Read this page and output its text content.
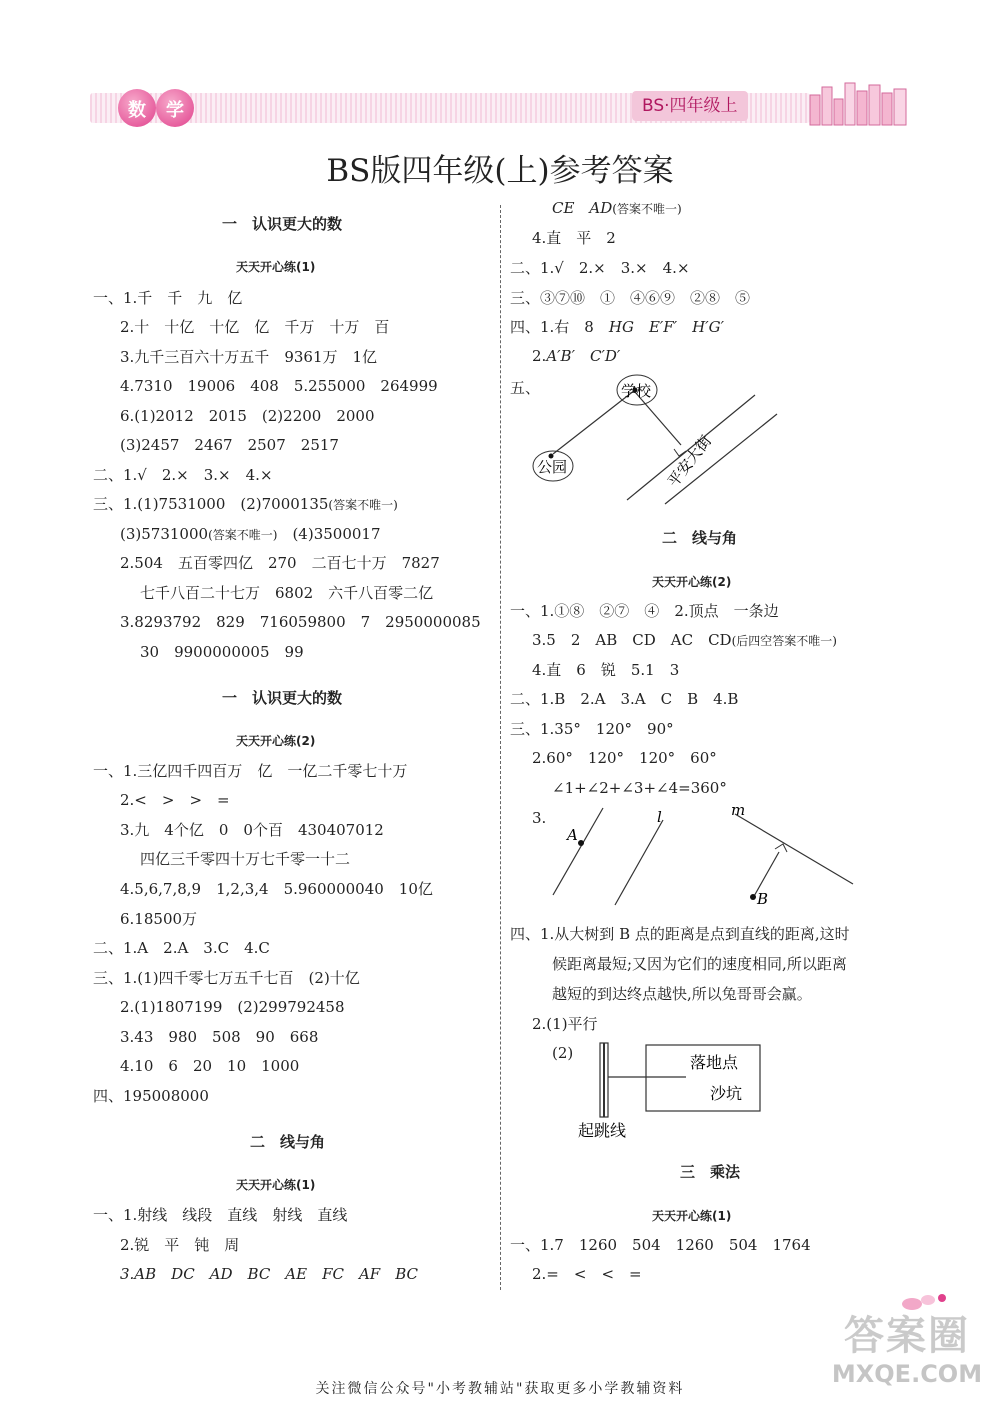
数	学	BS·四年级上
BS版四年级(上)参考答案
一　认识更大的数
天天开心练(1)
一、1.千　千　九　亿
2.十　十亿　十亿　亿　千万　十万　百
3.九千三百六十万五千　9361万　1亿
4.7310　19006　408　5.255000　264999
6.(1)2012　2015　(2)2200　2000
(3)2457　2467　2507　2517
二、1.√　2.×　3.×　4.×
三、1.(1)7531000　(2)7000135(答案不唯一)
(3)5731000(答案不唯一)　 (4)3500017
2.504　五百零四亿　270　二百七十万　7827
七千八百二十七万　6802　六千八百零二亿
3.8293792　829　716059800　7　2950000085
30　9900000005　99
一　认识更大的数
天天开心练(2)
一、1.三亿四千四百万　亿　一亿二千零七十万
2.<　>　>　=
3.九　4个亿　0　0个百　430407012
四亿三千零四十万七千零一十二
4.5,6,7,8,9　1,2,3,4　5.960000040　10亿
6.18500万
二、1.A　2.A　3.C　4.C
三、1.(1)四千零七万五千七百　(2)十亿
2.(1)1807199　(2)299792458
3.43　980　508　90　668
4.10　6　20　10　1000
四、195008000
二　线与角
天天开心练(1)
一、1.射线　线段　直线　射线　直线
2.锐　平　钝　周
3.AB　DC　AD　BC　AE　FC　AF　BC
CE　AD(答案不唯一)
4.直　平　2
二、1.√　2.×　3.×　4.×
三、③⑦⑩　①　④⑥⑨　②⑧　⑤
四、1.右　8　 HG　E′F′　H′G′
2.A′B′　C′D′
五、	学校
公园	平安大街
二　线与角
天天开心练(2)
一、1.①⑧　②⑦　④　2.顶点　一条边
3.5　2　AB　CD　AC　CD(后四空答案不唯一)
4.直　6　锐　5.1　3
二、1.B　2.A　3.A　C　B　4.B
三、1.35°　120°　90°
2.60°　120°　120°　60°
∠1+∠2+∠3+∠4=360°
3.
A
l	m
B
四、1.从大树到 B 点的距离是点到直线的距离,这时
候距离最短;又因为它们的速度相同,所以距离
越短的到达终点越快,所以兔哥哥会赢。
2.(1)平行
(2)	落地点
沙坑
起跳线
三　乘法
天天开心练(1)
一、1.7　1260　504　1260　504　1764
2.=　<　<　=
答案圈
MXQE.COM
关注微信公众号"小考教辅站"获取更多小学教辅资料
